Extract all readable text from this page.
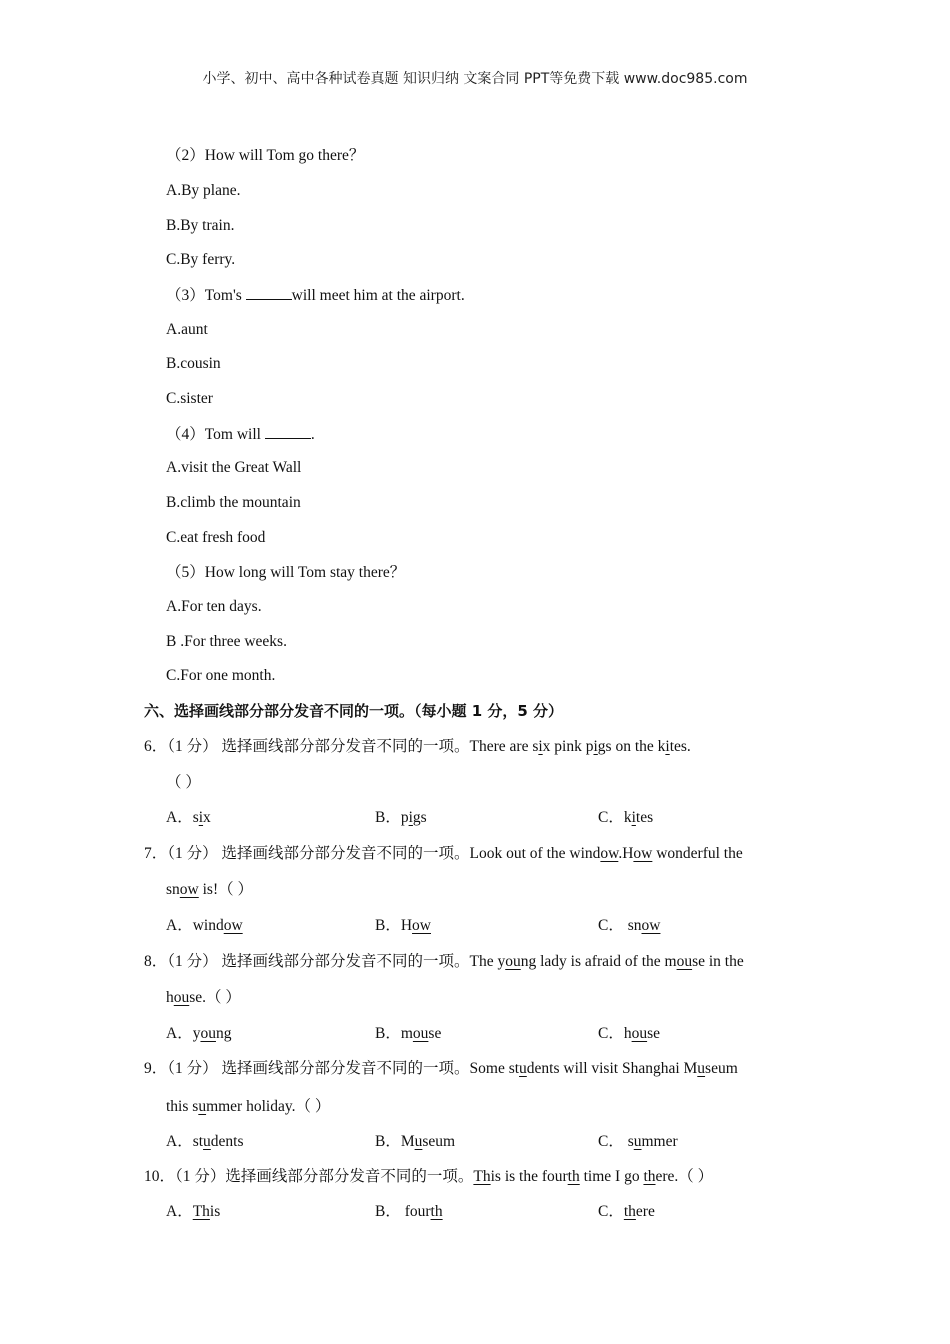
小学、初中、高中各种试卷真题 知识归纳 文案合同 PPT等免费下载 www.doc985.com
（2）How will Tom go there？
A.By plane.
B.By train.
C.By ferry.
（3）Tom's	will meet him at the airport.
A.aunt
B.cousin
C.sister
（4）Tom will	.
A.visit the Great Wall
B.climb the mountain
C.eat fresh food
（5）How long will Tom stay there？
A.For ten days.
B .For three weeks.
C.For one month.
六、选择画线部分部分发音不同的一项。（每小题 1 分，5 分）
6．（1 分） 选择画线部分部分发音不同的一项。There are six pink pigs on the kites.
（ ）
A．six	B．pigs	C．kites
7．（1 分） 选择画线部分部分发音不同的一项。Look out of the window.How wonderful the
snow is!（ ）
A．window	B．How	C． snow
8．（1 分） 选择画线部分部分发音不同的一项。The young lady is afraid of the mouse in the
house.（ ）
A．young	B．mouse	C．house
9．（1 分） 选择画线部分部分发音不同的一项。Some students will visit Shanghai Museum
this summer holiday.（ ）
A．students	B．Museum	C． summer
10．（1 分）选择画线部分部分发音不同的一项。This is the fourth time I go there.（ ）
A．This	B． fourth	C．there
